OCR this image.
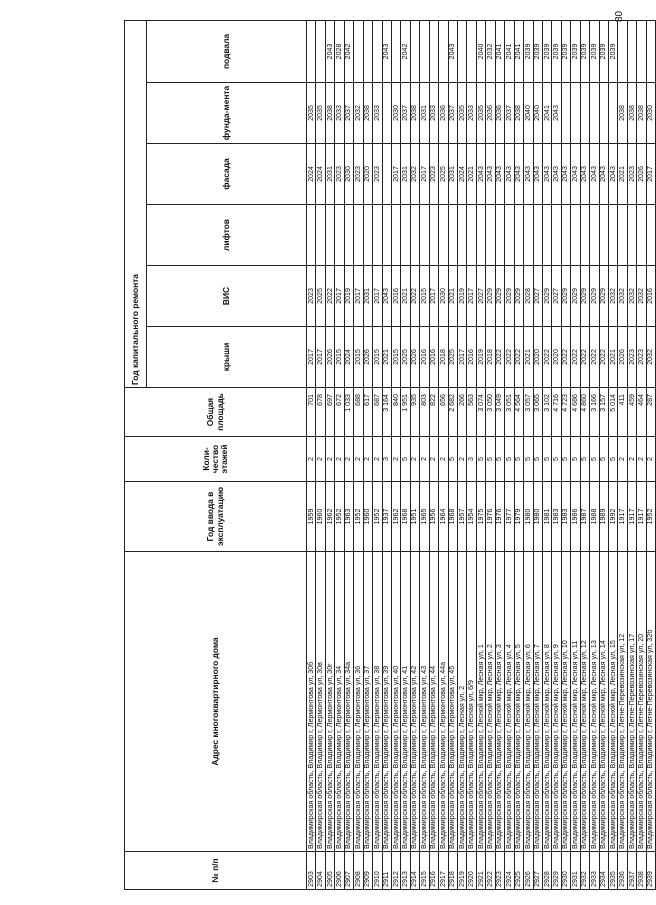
80
№ п/п	Адрес многоквартирного дома	Год ввода в эксплуатацию	Коли-чество этажей	Общая площадь	Год капитального ремонта					
					крыши	ВИС	лифтов	фасада	фунда-мента	подвала
2903	Владимирская область, Владимир г, Лермонтова ул, 30б	1959	2	701	2017	2023		2024	2035	
2904	Владимирская область, Владимир г, Лермонтова ул, 30в	1960	2	678	2017	2025		2024	2035	
2905	Владимирская область, Владимир г, Лермонтова ул, 30г	1962	2	697	2026	2022		2031	2038	2043
2906	Владимирская область, Владимир г, Лермонтова ул, 34	1952	2	672	2015	2017		2023	2033	2028
2907	Владимирская область, Владимир г, Лермонтова ул, 34а	1963	2	1 033	2024	2019		2030	2037	2042
2908	Владимирская область, Владимир г, Лермонтова ул, 36	1952	2	688	2015	2017		2023	2032	
2909	Владимирская область, Владимир г, Лермонтова ул, 37	1960	2	617	2026	2031		2020	2038	
2910	Владимирская область, Владимир г, Лермонтова ул, 38	1952	2	687	2015	2017		2023	2033	
2911	Владимирская область, Владимир г, Лермонтова ул, 39	1937	3	3 164	2021	2043				2043
2912	Владимирская область, Владимир г, Лермонтова ул, 40	1962	2	840	2015	2016		2017	2030	
2913	Владимирская область, Владимир г, Лермонтова ул, 41	1968	5	1 951	2025	2021		2031	2037	2042
2914	Владимирская область, Владимир г, Лермонтова ул, 42	1951	2	935	2026	2022		2032	2038	
2915	Владимирская область, Владимир г, Лермонтова ул, 43	1965	2	803	2016	2015		2017	2031	
2916	Владимирская область, Владимир г, Лермонтова ул, 44	1956	2	822	2016	2017		2023	2033	
2917	Владимирская область, Владимир г, Лермонтова ул, 44а	1964	2	656	2018	2030		2025	2036	
2918	Владимирская область, Владимир г, Лермонтова ул, 45	1968	5	2 682	2025	2021		2031	2037	2043
2919	Владимирская область, Владимир г, Лесная ул, 2	1957	2	266	2017	2019		2024	2035	
2920	Владимирская область, Владимир г, Лесная ул, 6/9	1954	3	563	2016	2017		2021	2033	
2921	Владимирская область, Владимир г, Лесной мкр, Лесная ул, 1	1975	5	3 074	2019	2027		2043	2035	2040
2922	Владимирская область, Владимир г, Лесной мкр, Лесная ул, 2	1976	5	3 050	2018	2029		2043	2036	2032
2923	Владимирская область, Владимир г, Лесной мкр, Лесная ул, 3	1976	5	3 049	2022	2029		2043	2036	2041
2924	Владимирская область, Владимир г, Лесной мкр, Лесная ул, 4	1977	5	3 051	2022	2029		2043	2037	2041
2925	Владимирская область, Владимир г, Лесной мкр, Лесная ул, 5	1979	5	4 564	2022	2029		2043	2038	2041
2926	Владимирская область, Владимир г, Лесной мкр, Лесная ул, 6	1980	5	3 057	2021	2028		2043	2040	2039
2927	Владимирская область, Владимир г, Лесной мкр, Лесная ул, 7	1980	5	3 065	2020	2027		2043	2040	2039
2928	Владимирская область, Владимир г, Лесной мкр, Лесная ул, 8	1981	5	3 102	2022	2029		2043	2041	2039
2929	Владимирская область, Владимир г, Лесной мкр, Лесная ул, 9	1983	5	4 716	2020	2027		2043	2043	2039
2930	Владимирская область, Владимир г, Лесной мкр, Лесная ул, 10	1983	5	4 723	2022	2029		2043		2039
2931	Владимирская область, Владимир г, Лесной мкр, Лесная ул, 11	1986	5	4 686	2022	2029		2043		2039
2932	Владимирская область, Владимир г, Лесной мкр, Лесная ул, 12	1987	5	4 860	2022	2029		2043		2039
2933	Владимирская область, Владимир г, Лесной мкр, Лесная ул, 13	1988	5	3 166	2022	2029		2043		2039
2934	Владимирская область, Владимир г, Лесной мкр, Лесная ул, 14	1989	5	3 157	2022	2029		2043		2039
2935	Владимирская область, Владимир г, Лесной мкр, Лесная ул, 15	1992	5	5 014	2021	2032		2043		2039
2936	Владимирская область, Владимир г, Летне-Перевозинская ул, 12	1917	2	411	2026	2032		2021	2038	
2937	Владимирская область, Владимир г, Летне-Перевозинская ул, 17	1917	2	459	2023	2032		2023	2038	
2938	Владимирская область, Владимир г, Летне-Перевозинская ул, 20	1917	2	464	2023	2032		2026	2038	
2939	Владимирская область, Владимир г, Летне-Перевозинская ул, 32б	1952	2	287	2032	2016		2017	2030	
